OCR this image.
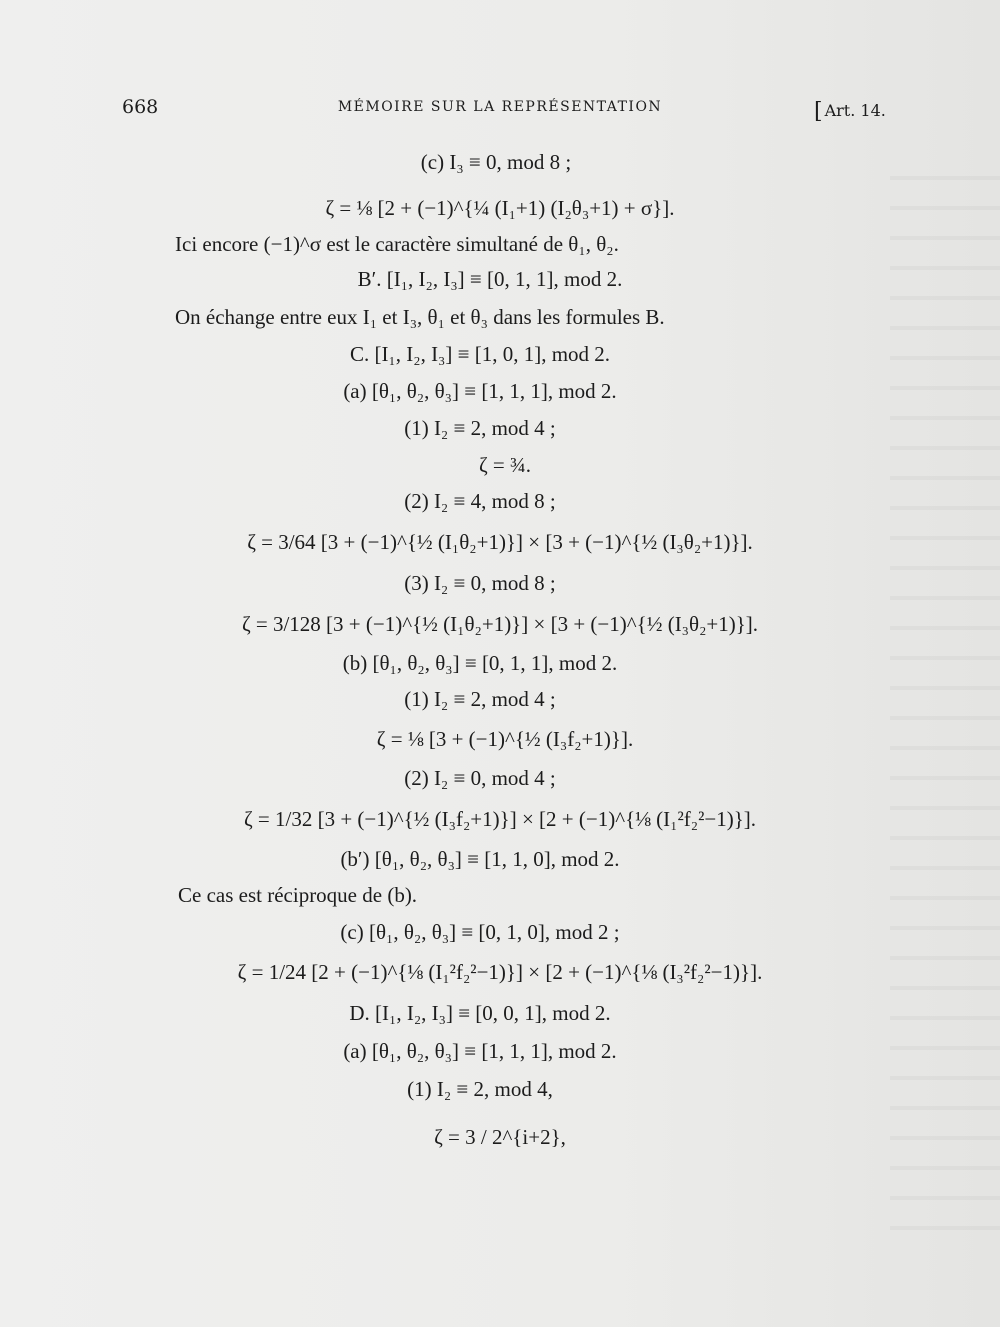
668	MÉMOIRE SUR LA REPRÉSENTATION	[ Art. 14.
(c) I₃ ≡ 0, mod 8 ;
ζ = ⅛ [2 + (−1)^{¼ (I₁+1) (I₂θ₃+1) + σ}].
Ici encore (−1)^σ est le caractère simultané de θ₁, θ₂.
B′. [I₁, I₂, I₃] ≡ [0, 1, 1], mod 2.
On échange entre eux I₁ et I₃, θ₁ et θ₃ dans les formules B.
C. [I₁, I₂, I₃] ≡ [1, 0, 1], mod 2.
(a) [θ₁, θ₂, θ₃] ≡ [1, 1, 1], mod 2.
(1) I₂ ≡ 2, mod 4 ;
ζ = ¾.
(2) I₂ ≡ 4, mod 8 ;
ζ = 3/64 [3 + (−1)^{½ (I₁θ₂+1)}] × [3 + (−1)^{½ (I₃θ₂+1)}].
(3) I₂ ≡ 0, mod 8 ;
ζ = 3/128 [3 + (−1)^{½ (I₁θ₂+1)}] × [3 + (−1)^{½ (I₃θ₂+1)}].
(b) [θ₁, θ₂, θ₃] ≡ [0, 1, 1], mod 2.
(1) I₂ ≡ 2, mod 4 ;
ζ = ⅛ [3 + (−1)^{½ (I₃f₂+1)}].
(2) I₂ ≡ 0, mod 4 ;
ζ = 1/32 [3 + (−1)^{½ (I₃f₂+1)}] × [2 + (−1)^{⅛ (I₁²f₂²−1)}].
(b′) [θ₁, θ₂, θ₃] ≡ [1, 1, 0], mod 2.
Ce cas est réciproque de (b).
(c) [θ₁, θ₂, θ₃] ≡ [0, 1, 0], mod 2 ;
ζ = 1/24 [2 + (−1)^{⅛ (I₁²f₂²−1)}] × [2 + (−1)^{⅛ (I₃²f₂²−1)}].
D. [I₁, I₂, I₃] ≡ [0, 0, 1], mod 2.
(a) [θ₁, θ₂, θ₃] ≡ [1, 1, 1], mod 2.
(1) I₂ ≡ 2, mod 4,
ζ = 3 / 2^{i+2},
